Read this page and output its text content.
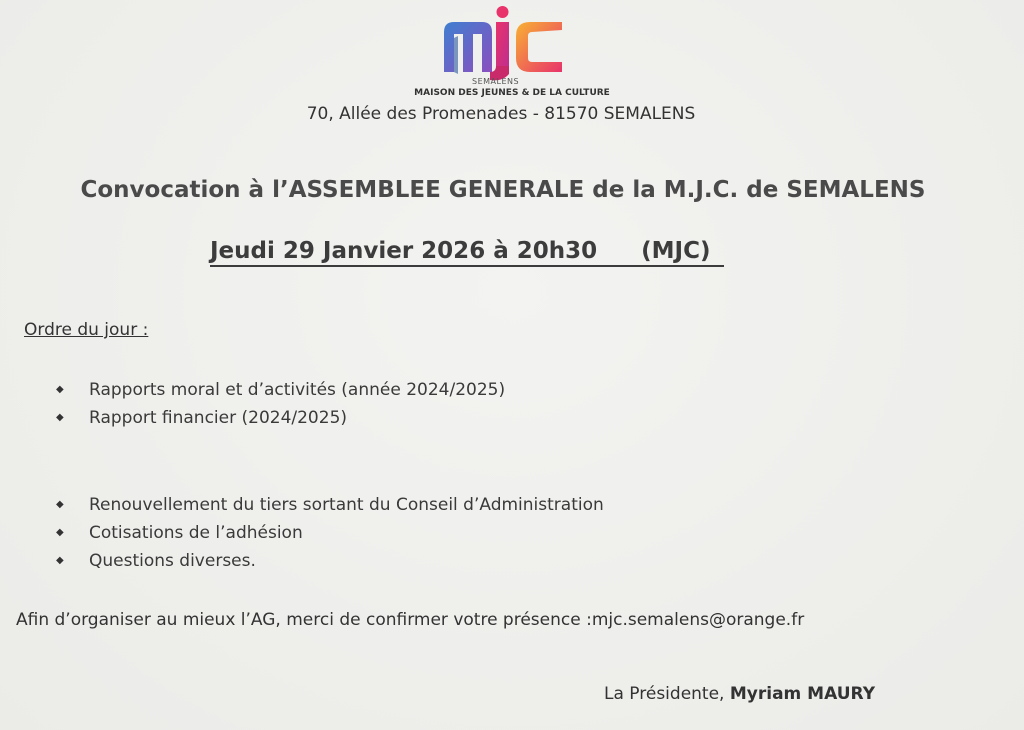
SEMALENS
MAISON DES JEUNES & DE LA CULTURE
70, Allée des Promenades - 81570 SEMALENS
Convocation à l’ASSEMBLEE GENERALE de la M.J.C. de SEMALENS
Jeudi 29 Janvier 2026 à 20h30 (MJC)
Ordre du jour :
◆ Rapports moral et d’activités (année 2024/2025)
◆ Rapport financier (2024/2025)
◆ Renouvellement du tiers sortant du Conseil d’Administration
◆ Cotisations de l’adhésion
◆ Questions diverses.
Afin d’organiser au mieux l’AG, merci de confirmer votre présence :mjc.semalens@orange.fr
La Présidente, Myriam MAURY
